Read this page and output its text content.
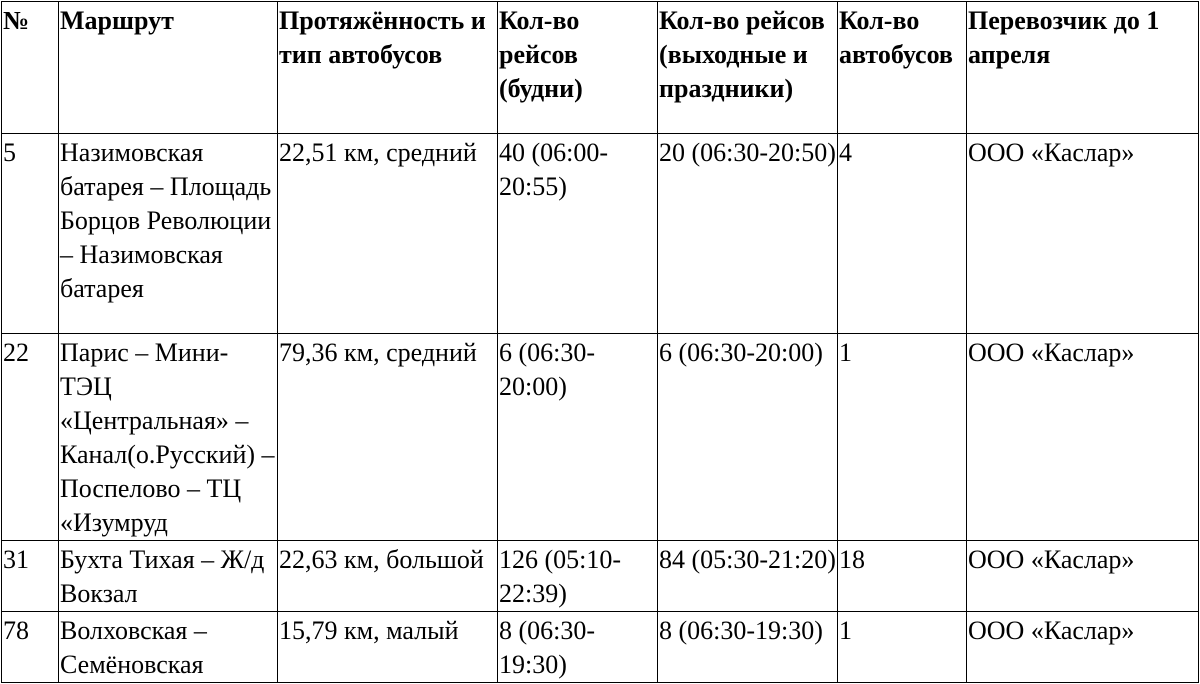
№	Маршрут	Протяжённость и тип автобусов	Кол-во рейсов (будни)	Кол-во рейсов (выходные и праздники)	Кол-во автобусов	Перевозчик до 1 апреля
5	Назимовская батарея – Площадь Борцов Революции – Назимовская батарея	22,51 км, средний	40 (06:00-20:55)	20 (06:30-20:50)	4	ООО «Каслар»
22	Парис – Мини-ТЭЦ «Центральная» – Канал(о.Русский) – Поспелово – ТЦ «Изумруд	79,36 км, средний	6 (06:30-20:00)	6 (06:30-20:00)	1	ООО «Каслар»
31	Бухта Тихая – Ж/д Вокзал	22,63 км, большой	126 (05:10-22:39)	84 (05:30-21:20)	18	ООО «Каслар»
78	Волховская – Семёновская	15,79 км, малый	8 (06:30-19:30)	8 (06:30-19:30)	1	ООО «Каслар»
